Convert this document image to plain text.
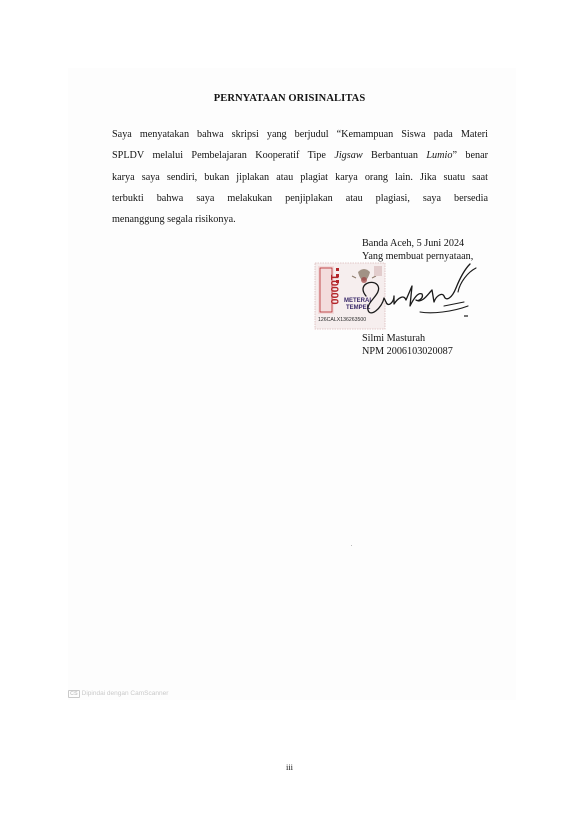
PERNYATAAN ORISINALITAS
Saya menyatakan bahwa skripsi yang berjudul “Kemampuan Siswa pada Materi
SPLDV melalui Pembelajaran Kooperatif Tipe Jigsaw Berbantuan Lumio” benar
karya saya sendiri, bukan jiplakan atau plagiat karya orang lain. Jika suatu saat
terbukti bahwa saya melakukan penjiplakan atau plagiasi, saya bersedia
menanggung segala risikonya.
Banda Aceh, 5 Juni 2024
Yang membuat pernyataan,
10000 METERAI
TEMPEL
126CALX136263500
Silmi Masturah
NPM 2006103020087
CS Dipindai dengan CamScanner
iii
